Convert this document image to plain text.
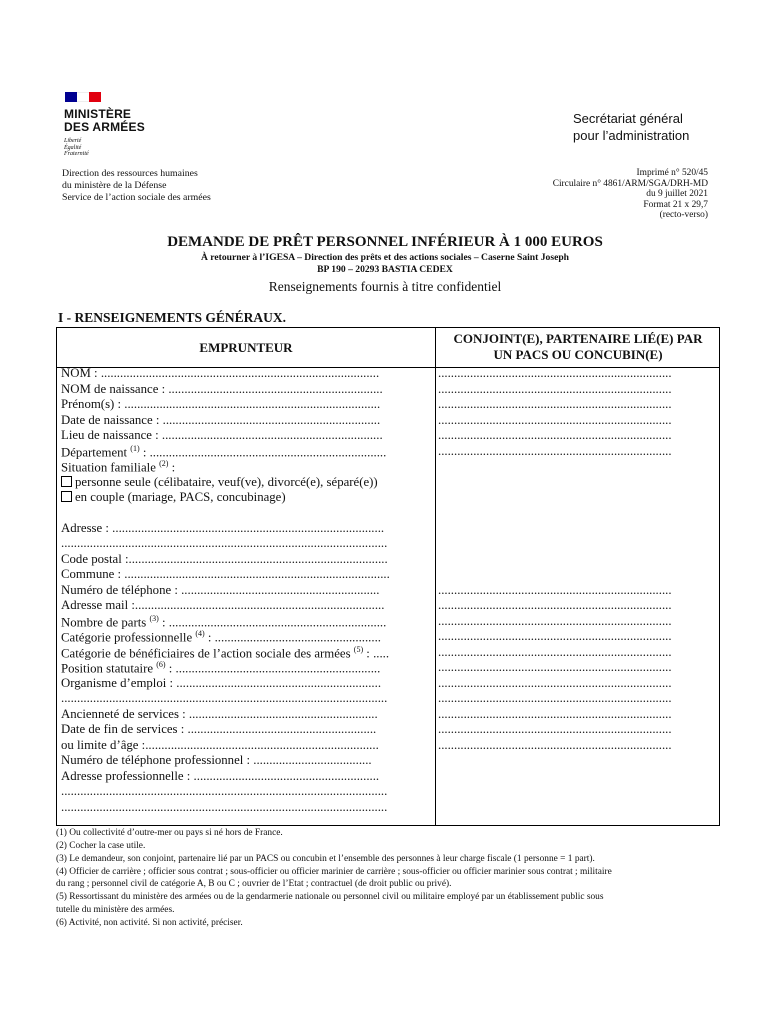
MINISTÈRE
DES ARMÉES
Liberté
Égalité
Fraternité
Secrétariat général
pour l’administration
Direction des ressources humaines
du ministère de la Défense
Service de l’action sociale des armées
Imprimé n° 520/45
Circulaire n° 4861/ARM/SGA/DRH-MD
du 9 juillet 2021
Format 21 x 29,7
(recto-verso)
DEMANDE DE PRÊT PERSONNEL INFÉRIEUR À 1 000 EUROS
À retourner à l’IGESA – Direction des prêts et des actions sociales – Caserne Saint Joseph
BP 190 – 20293 BASTIA CEDEX
Renseignements fournis à titre confidentiel
I - RENSEIGNEMENTS GÉNÉRAUX.
EMPRUNTEUR
CONJOINT(E), PARTENAIRE LIÉ(E) PAR
UN PACS OU CONCUBIN(E)
NOM : .......................................................................................
NOM de naissance : ...................................................................
Prénom(s) : ................................................................................
Date de naissance : ....................................................................
Lieu de naissance : .....................................................................
Département $^{(1)}$ : ..........................................................................
Situation familiale $^{(2)}$ :
personne seule (célibataire, veuf(ve), divorcé(e), séparé(e))
en couple (mariage, PACS, concubinage)
Adresse : .....................................................................................
......................................................................................................
Code postal :.................................................................................
Commune : ...................................................................................
Numéro de téléphone : ..............................................................
Adresse mail :..............................................................................
Nombre de parts $^{(3)}$ : ....................................................................
Catégorie professionnelle $^{(4)}$ : ....................................................
Catégorie de bénéficiaires de l’action sociale des armées $^{(5)}$ : .....
Position statutaire $^{(6)}$ : ................................................................
Organisme d’emploi : ................................................................
......................................................................................................
Ancienneté de services : ...........................................................
Date de fin de services : ...........................................................
ou limite d’âge :.........................................................................
Numéro de téléphone professionnel : .....................................
Adresse professionnelle : ..........................................................
......................................................................................................
......................................................................................................
.........................................................................
.........................................................................
.........................................................................
.........................................................................
.........................................................................
.........................................................................
.........................................................................
.........................................................................
.........................................................................
.........................................................................
.........................................................................
.........................................................................
.........................................................................
.........................................................................
.........................................................................
.........................................................................
.........................................................................
(1) Ou collectivité d’outre-mer ou pays si né hors de France.
(2) Cocher la case utile.
(3) Le demandeur, son conjoint, partenaire lié par un PACS ou concubin et l’ensemble des personnes à leur charge fiscale (1 personne = 1 part).
(4) Officier de carrière ; officier sous contrat ; sous-officier ou officier marinier de carrière ; sous-officier ou officier marinier sous contrat ; militaire
du rang ; personnel civil de catégorie A, B ou C ; ouvrier de l’Etat ; contractuel (de droit public ou privé).
(5) Ressortissant du ministère des armées ou de la gendarmerie nationale ou personnel civil ou militaire employé par un établissement public sous
tutelle du ministère des armées.
(6) Activité, non activité. Si non activité, préciser.
